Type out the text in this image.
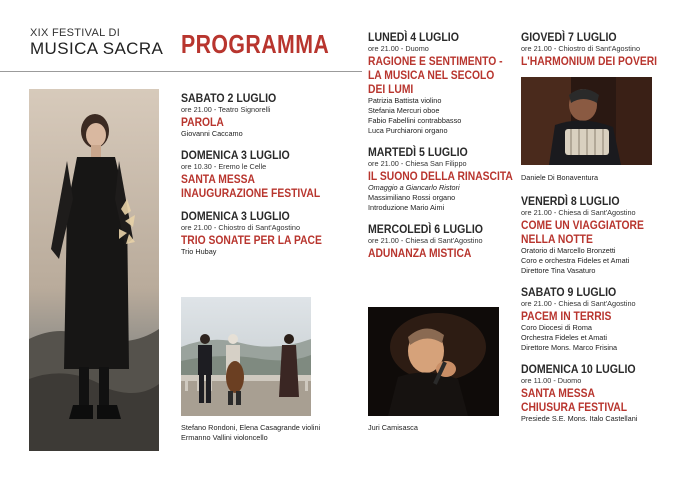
XIX FESTIVAL DI
MUSICA SACRA PROGRAMMA
SABATO 2 LUGLIO
ore 21.00 - Teatro Signorelli
PAROLA
Giovanni Caccamo
DOMENICA 3 LUGLIO
ore 10.30 - Eremo le Celle
SANTA MESSA
INAUGURAZIONE FESTIVAL
DOMENICA 3 LUGLIO
ore 21.00 - Chiostro di Sant'Agostino
TRIO SONATE PER LA PACE
Trio Hubay
Stefano Rondoni, Elena Casagrande violini
Ermanno Vallini violoncello
LUNEDÌ 4 LUGLIO
ore 21.00 - Duomo
RAGIONE E SENTIMENTO -
LA MUSICA NEL SECOLO
DEI LUMI
Patrizia Battista violino
Stefania Mercuri oboe
Fabio Fabellini contrabbasso
Luca Purchiaroni organo
MARTEDÌ 5 LUGLIO
ore 21.00 - Chiesa San Filippo
IL SUONO DELLA RINASCITA
Omaggio a Giancarlo Ristori
Massimiliano Rossi organo
Introduzione Mario Aimi
MERCOLEDÌ 6 LUGLIO
ore 21.00 - Chiesa di Sant'Agostino
ADUNANZA MISTICA
Juri Camisasca
GIOVEDÌ 7 LUGLIO
ore 21.00 - Chiostro di Sant'Agostino
L'HARMONIUM DEI POVERI
Daniele Di Bonaventura
VENERDÌ 8 LUGLIO
ore 21.00 - Chiesa di Sant'Agostino
COME UN VIAGGIATORE
NELLA NOTTE
Oratorio di Marcello Bronzetti
Coro e orchestra Fideles et Amati
Direttore Tina Vasaturo
SABATO 9 LUGLIO
ore 21.00 - Chiesa di Sant'Agostino
PACEM IN TERRIS
Coro Diocesi di Roma
Orchestra Fideles et Amati
Direttore Mons. Marco Frisina
DOMENICA 10 LUGLIO
ore 11.00 - Duomo
SANTA MESSA
CHIUSURA FESTIVAL
Presiede S.E. Mons. Italo Castellani
